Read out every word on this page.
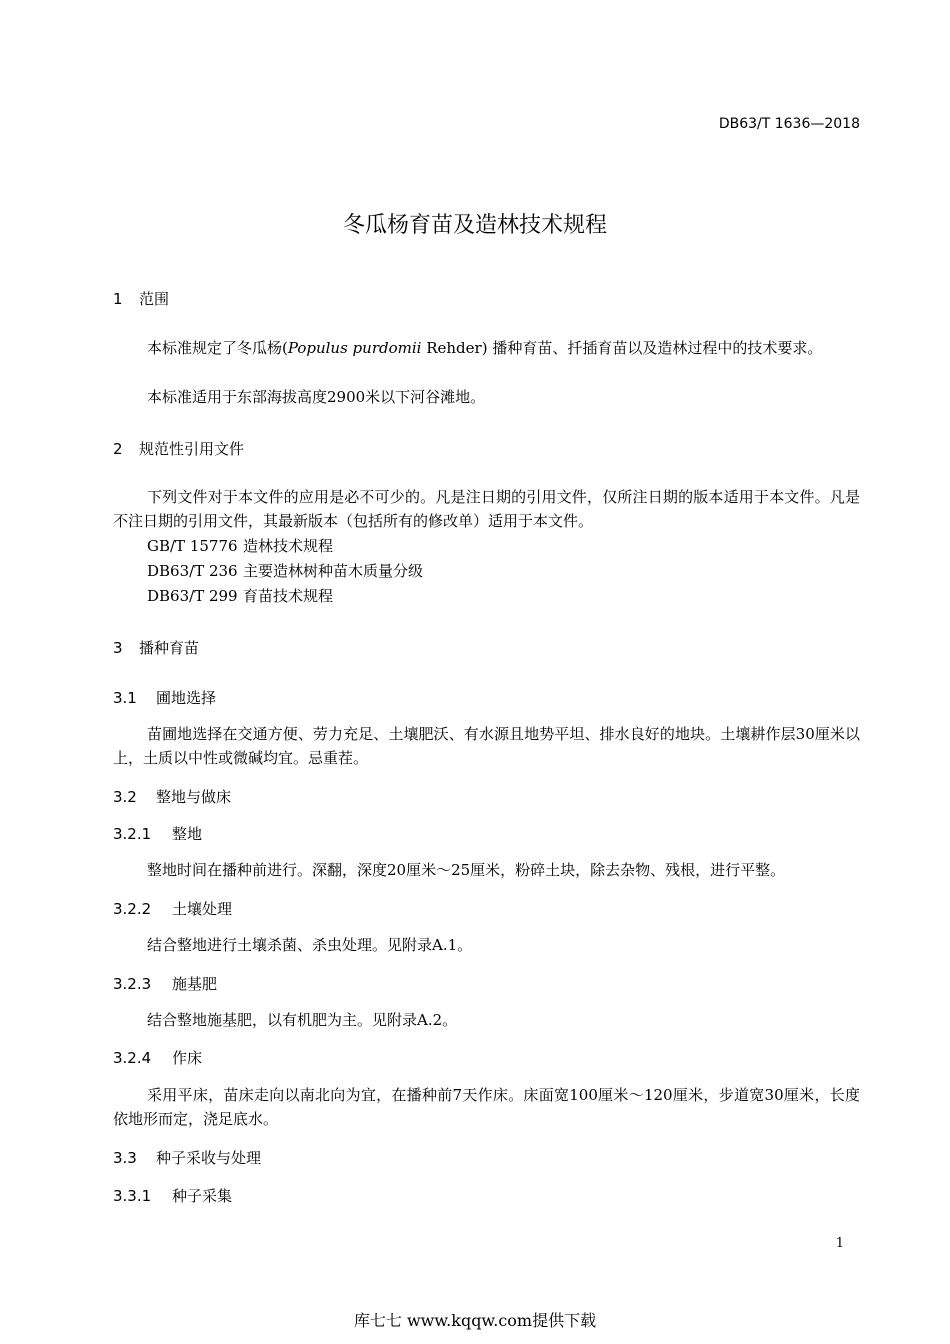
DB63/T 1636—2018
冬瓜杨育苗及造林技术规程
1 范围
本标准规定了冬瓜杨(Populus purdomii Rehder) 播种育苗、扦插育苗以及造林过程中的技术要求。
本标准适用于东部海拔高度2900米以下河谷滩地。
2 规范性引用文件
下列文件对于本文件的应用是必不可少的。凡是注日期的引用文件，仅所注日期的版本适用于本文件。凡是不注日期的引用文件，其最新版本（包括所有的修改单）适用于本文件。
GB/T 15776 造林技术规程
DB63/T 236 主要造林树种苗木质量分级
DB63/T 299 育苗技术规程
3 播种育苗
3.1 圃地选择
苗圃地选择在交通方便、劳力充足、土壤肥沃、有水源且地势平坦、排水良好的地块。土壤耕作层30厘米以上，土质以中性或微碱均宜。忌重茬。
3.2 整地与做床
3.2.1 整地
整地时间在播种前进行。深翻，深度20厘米～25厘米，粉碎土块，除去杂物、残根，进行平整。
3.2.2 土壤处理
结合整地进行土壤杀菌、杀虫处理。见附录A.1。
3.2.3 施基肥
结合整地施基肥，以有机肥为主。见附录A.2。
3.2.4 作床
采用平床，苗床走向以南北向为宜，在播种前7天作床。床面宽100厘米～120厘米，步道宽30厘米，长度依地形而定，浇足底水。
3.3 种子采收与处理
3.3.1 种子采集
1
库七七 www.kqqw.com提供下载
